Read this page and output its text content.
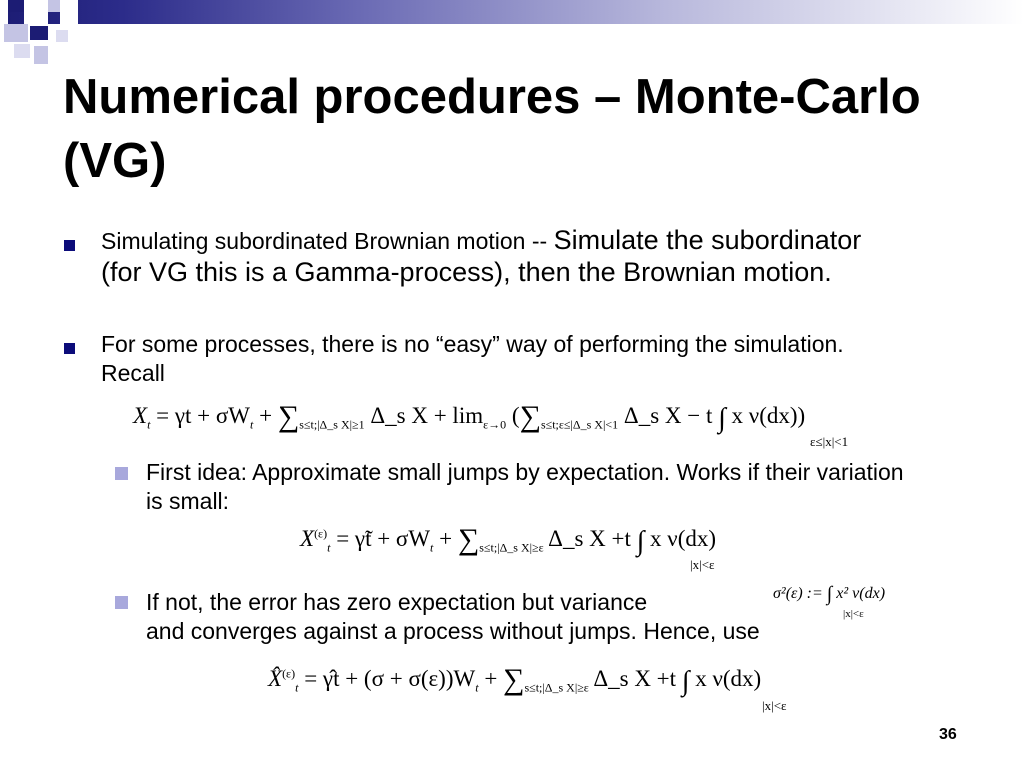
Numerical procedures – Monte-Carlo (VG)
Simulating subordinated Brownian motion -- Simulate the subordinator (for VG this is a Gamma-process), then the Brownian motion.
For some processes, there is no “easy” way of performing the simulation. Recall
$X_t = \gamma t + \sigma W_t + \sum_{s\le t;|\Delta\_s X|\ge 1}$ Δ_s $X + \lim_{\varepsilon\to 0} (\sum_{s\le t;\varepsilon\le|\Delta\_s X|<1}$ Δ_s X − t ∫ x ν(dx))
ε≤|x|<1
First idea: Approximate small jumps by expectation. Works if their variation is small:
$X^{(\varepsilon)}_t$ = γ̃t + $\sigma W_t + \sum_{s\le t;|\Delta\_s X|\ge\varepsilon}$ Δ_s X +t ∫ x ν(dx)
|x|<ε
If not, the error has zero expectation but variance
and converges against a process without jumps. Hence, use
σ²(ε) := ∫ x² ν(dx)
|x|<ε
X̂$^{(\varepsilon)}_t$ = γ̂t + $(\sigma + \sigma(\varepsilon))W_t + \sum_{s\le t;|\Delta\_s X|\ge\varepsilon}$ Δ_s X +t ∫ x ν(dx)
|x|<ε
36
